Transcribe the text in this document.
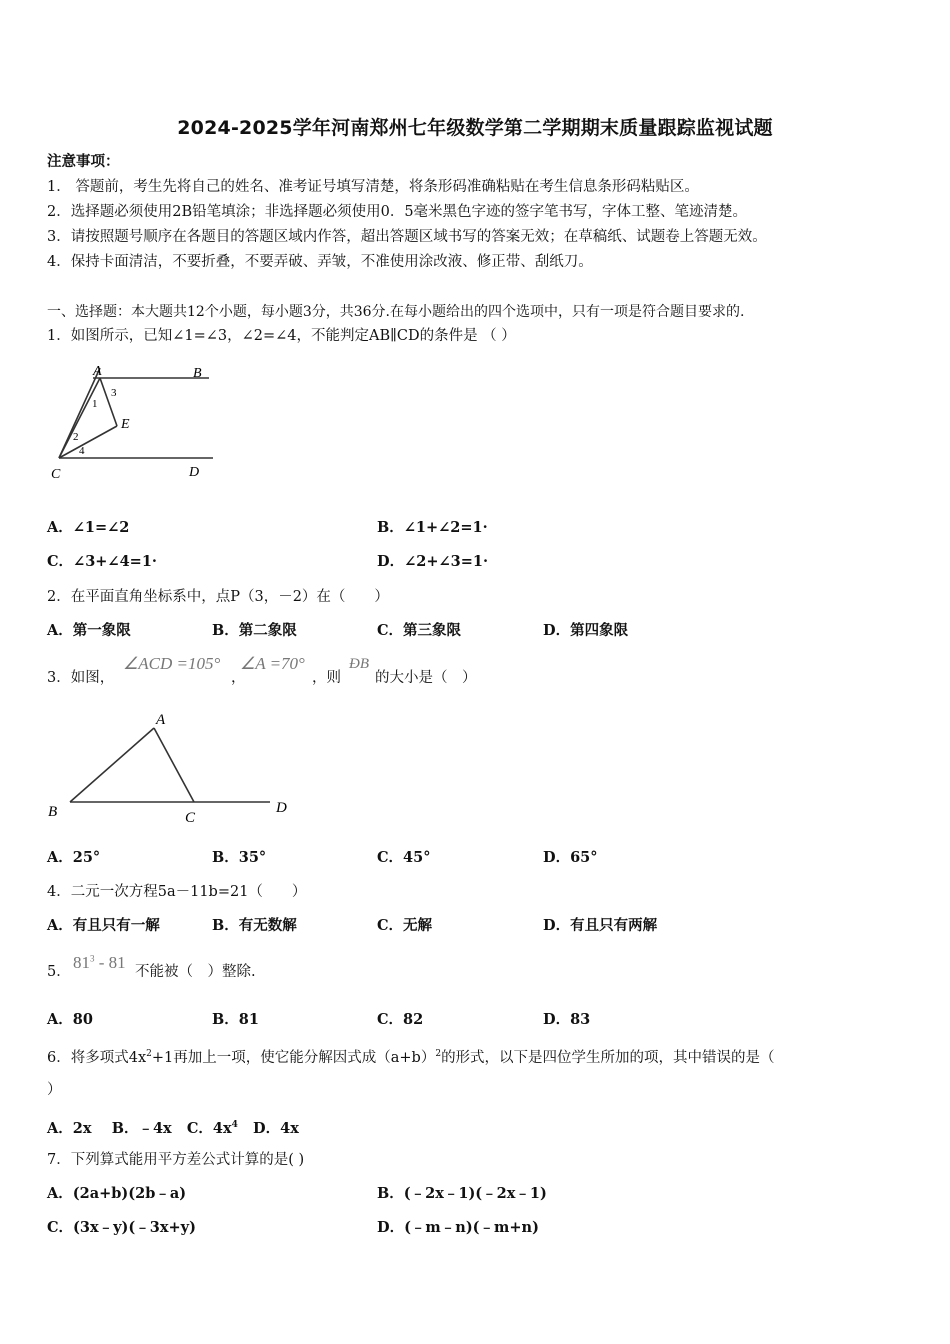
2024-2025学年河南郑州七年级数学第二学期期末质量跟踪监视试题
注意事项：
1． 答题前，考生先将自己的姓名、准考证号填写清楚，将条形码准确粘贴在考生信息条形码粘贴区。
2．选择题必须使用2B铅笔填涂；非选择题必须使用0．5毫米黑色字迹的签字笔书写，字体工整、笔迹清楚。
3．请按照题号顺序在各题目的答题区域内作答，超出答题区域书写的答案无效；在草稿纸、试题卷上答题无效。
4．保持卡面清洁，不要折叠，不要弄破、弄皱，不准使用涂改液、修正带、刮纸刀。
一、选择题：本大题共12个小题，每小题3分，共36分.在每小题给出的四个选项中，只有一项是符合题目要求的.
1．如图所示，已知∠1=∠3，∠2=∠4，不能判定AB∥CD的条件是 （ ）
A	B
E
C	D
1
3
2
4
A．∠1=∠2	B．∠1+∠2=1·
C．∠3+∠4=1·	D．∠2+∠3=1·
2．在平面直角坐标系中，点P（3，－2）在（　　）
A．第一象限	B．第二象限	C．第三象限	D．第四象限
3．如图，
∠ACD =105°
，
∠A =70°
，则
ÐB
的大小是（　）
A
B	C
D
A．25°	B．35°	C．45°	D．65°
4．二元一次方程5a－11b=21（　　）
A．有且只有一解	B．有无数解	C．无解	D．有且只有两解
5． $81^3 - 81$ 不能被（　）整除.
A．80	B．81	C．82	D．83
6．将多项式$4x^2+1$再加上一项，使它能分解因式成$(a+b)^2$的形式，以下是四位学生所加的项，其中错误的是（
）
A．2x B．﹣4x C．$4x^4$ D．4x
7．下列算式能用平方差公式计算的是( )
A．(2a+b)(2b﹣a)	B．(﹣2x﹣1)(﹣2x﹣1)
C．(3x﹣y)(﹣3x+y)	D．(﹣m﹣n)(﹣m+n)
